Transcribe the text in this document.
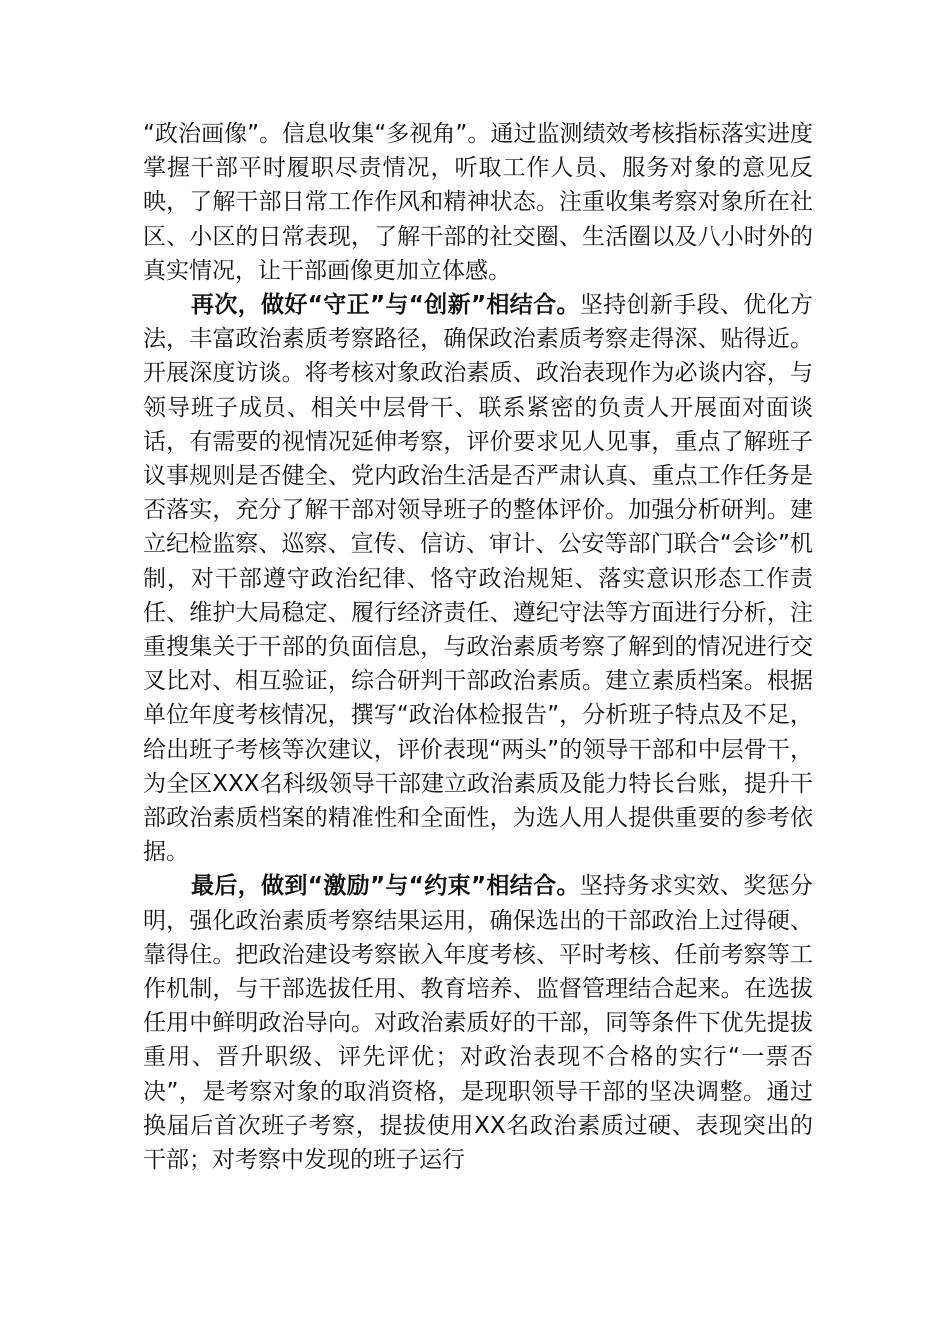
“政治画像”。信息收集“多视角”。通过监测绩效考核指标落实进度掌握干部平时履职尽责情况，听取工作人员、服务对象的意见反映，了解干部日常工作作风和精神状态。注重收集考察对象所在社区、小区的日常表现，了解干部的社交圈、生活圈以及八小时外的真实情况，让干部画像更加立体感。

再次，做好“守正”与“创新”相结合。坚持创新手段、优化方法，丰富政治素质考察路径，确保政治素质考察走得深、贴得近。开展深度访谈。将考核对象政治素质、政治表现作为必谈内容，与领导班子成员、相关中层骨干、联系紧密的负责人开展面对面谈话，有需要的视情况延伸考察，评价要求见人见事，重点了解班子议事规则是否健全、党内政治生活是否严肃认真、重点工作任务是否落实，充分了解干部对领导班子的整体评价。加强分析研判。建立纪检监察、巡察、宣传、信访、审计、公安等部门联合“会诊”机制，对干部遵守政治纪律、恪守政治规矩、落实意识形态工作责任、维护大局稳定、履行经济责任、遵纪守法等方面进行分析，注重搜集关于干部的负面信息，与政治素质考察了解到的情况进行交叉比对、相互验证，综合研判干部政治素质。建立素质档案。根据单位年度考核情况，撰写“政治体检报告”，分析班子特点及不足，给出班子考核等次建议，评价表现“两头”的领导干部和中层骨干，为全区XXX名科级领导干部建立政治素质及能力特长台账，提升干部政治素质档案的精准性和全面性，为选人用人提供重要的参考依据。

最后，做到“激励”与“约束”相结合。坚持务求实效、奖惩分明，强化政治素质考察结果运用，确保选出的干部政治上过得硬、靠得住。把政治建设考察嵌入年度考核、平时考核、任前考察等工作机制，与干部选拔任用、教育培养、监督管理结合起来。在选拔任用中鲜明政治导向。对政治素质好的干部，同等条件下优先提拔重用、晋升职级、评先评优；对政治表现不合格的实行“一票否决”，是考察对象的取消资格，是现职领导干部的坚决调整。通过换届后首次班子考察，提拔使用XX名政治素质过硬、表现突出的干部；对考察中发现的班子运行
